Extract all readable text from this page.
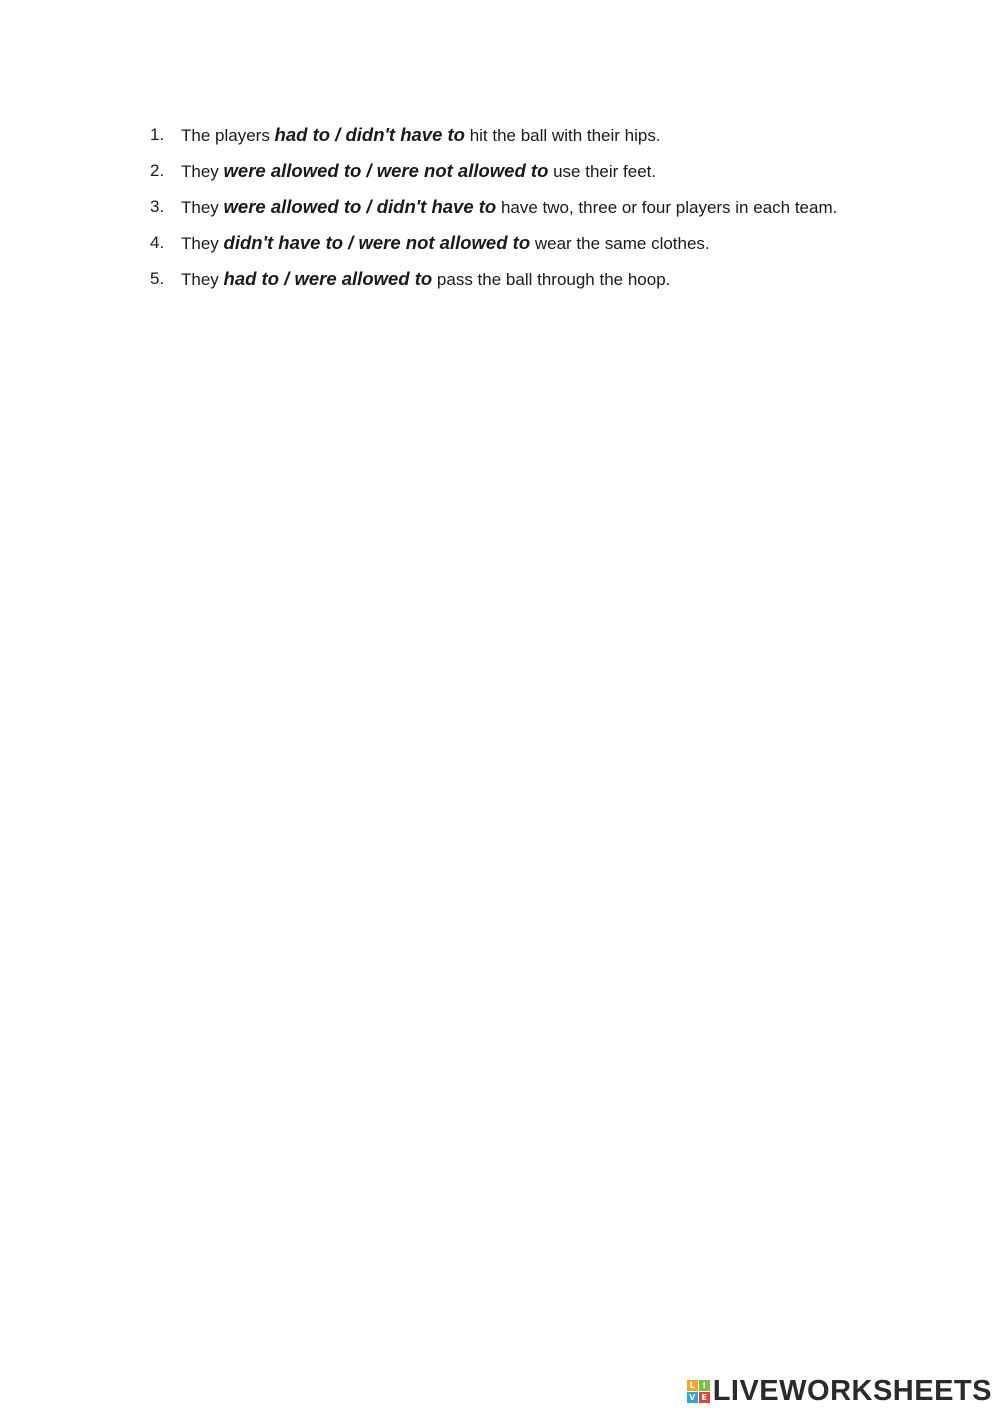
1. The players had to / didn't have to hit the ball with their hips.
2. They were allowed to / were not allowed to use their feet.
3. They were allowed to / didn't have to have two, three or four players in each team.
4. They didn't have to / were not allowed to wear the same clothes.
5. They had to / were allowed to pass the ball through the hoop.
L I
V E LIVEWORKSHEETS
